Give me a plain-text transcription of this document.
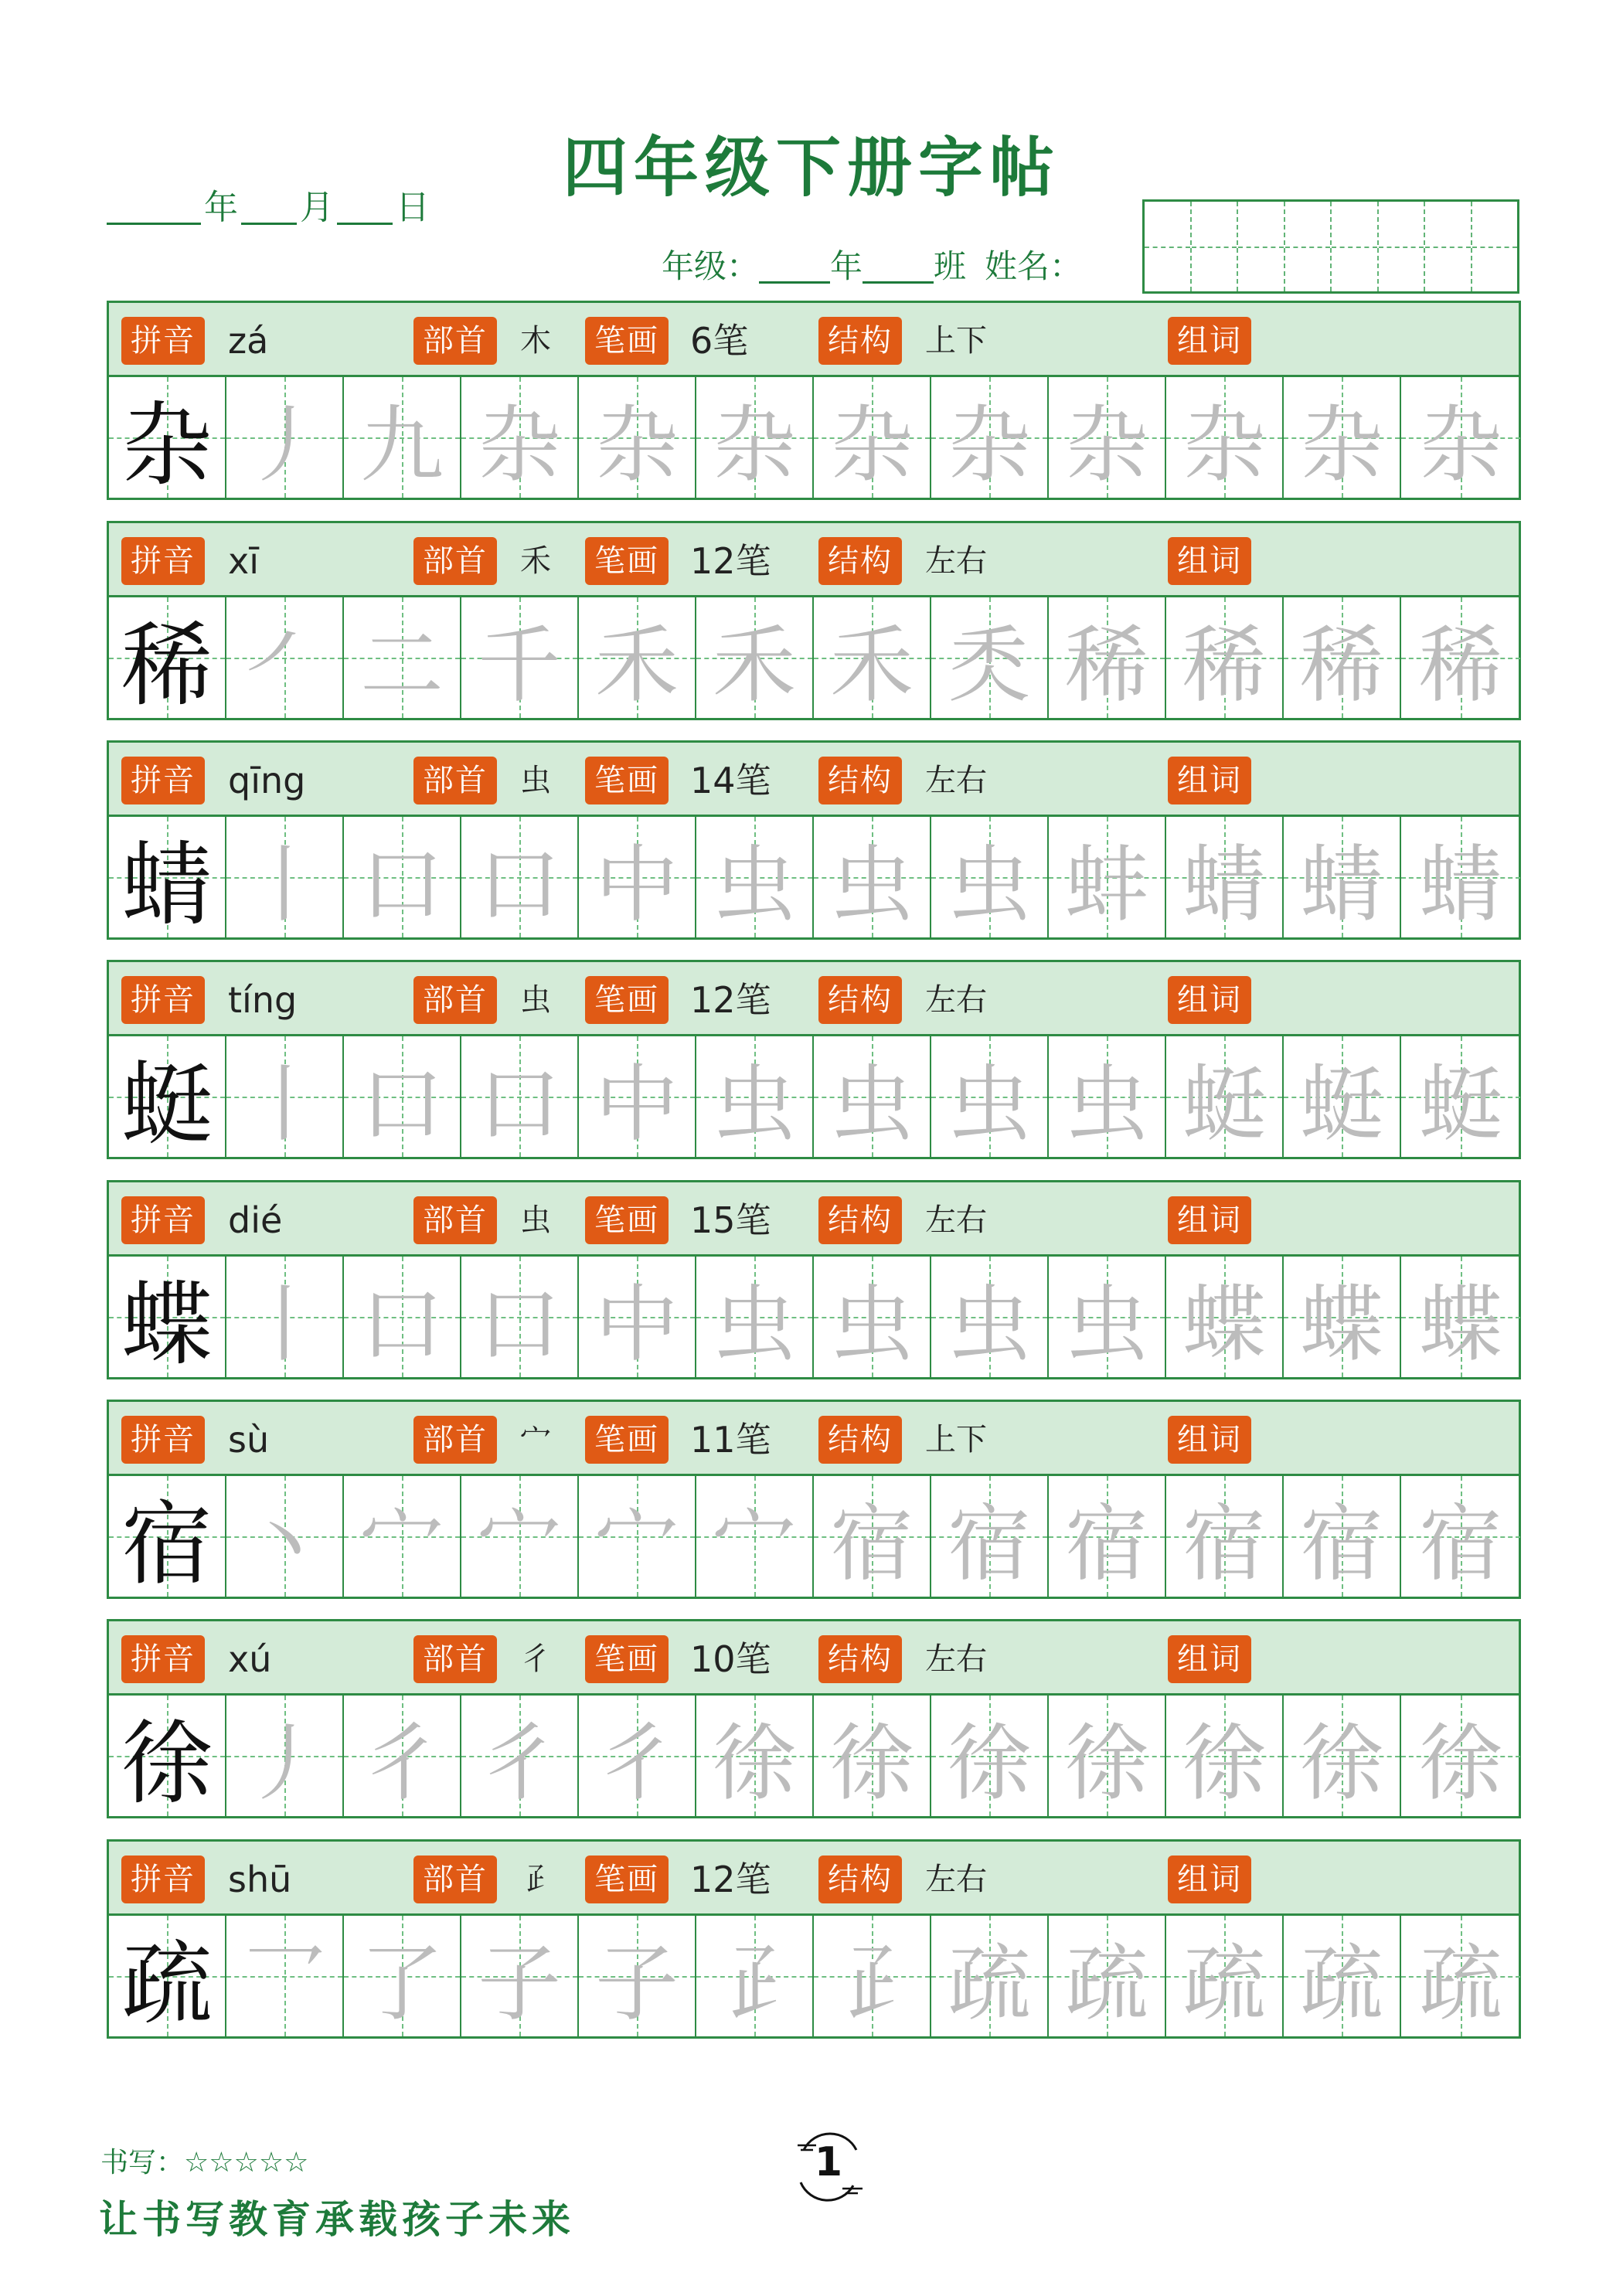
四年级下册字帖
年 月 日
年级： 年 班 姓名：
拼音 zá	部首	木	笔画 6笔	结构	上下	组词
杂 丿 九 杂 杂 杂 杂 杂 杂 杂 杂 杂
拼音 xī	部首	禾	笔画 12笔	结构	左右	组词
稀 ㇒ 二 千 禾 禾 禾 秂 稀 稀 稀 稀
拼音 qīng	部首	虫	笔画 14笔	结构	左右	组词
蜻 丨 口 口 中 虫 虫 虫 蚌 蜻 蜻 蜻
拼音 tíng	部首	虫	笔画 12笔	结构	左右	组词
蜓 丨 口 口 中 虫 虫 虫 虫 蜓 蜓 蜓
拼音 dié	部首	虫	笔画 15笔	结构	左右	组词
蝶 丨 口 口 中 虫 虫 虫 虫 蝶 蝶 蝶
拼音 sù	部首	宀	笔画 11笔	结构	上下	组词
宿 丶 宀 宀 宀 宀 宿 宿 宿 宿 宿 宿
拼音 xú	部首	彳	笔画 10笔	结构	左右	组词
徐 丿 彳 彳 彳 徐 徐 徐 徐 徐 徐 徐
拼音 shū	部首	𤴔	笔画 12笔	结构	左右	组词
疏 乛 了 子 子 𤴔 𤴔 疏 疏 疏 疏 疏
书写：☆☆☆☆☆
让书写教育承载孩子未来
1
